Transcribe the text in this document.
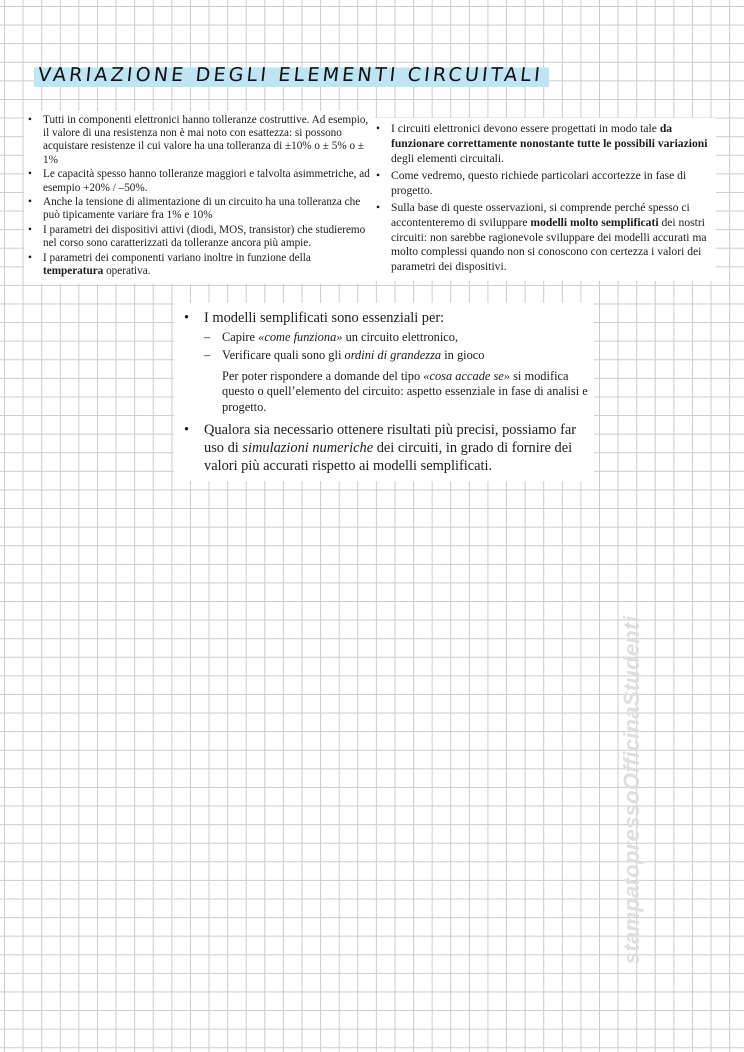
VARIAZIONE DEGLI ELEMENTI CIRCUITALI
• Tutti in componenti elettronici hanno tolleranze costruttive. Ad esempio, il valore di una resistenza non è mai noto con esattezza: si possono acquistare resistenze il cui valore ha una tolleranza di ±10% o ± 5% o ± 1%
• Le capacità spesso hanno tolleranze maggiori e talvolta asimmetriche, ad esempio +20% / –50%.
• Anche la tensione di alimentazione di un circuito ha una tolleranza che può tipicamente variare fra 1% e 10%
• I parametri dei dispositivi attivi (diodi, MOS, transistor) che studieremo nel corso sono caratterizzati da tolleranze ancora più ampie.
• I parametri dei componenti variano inoltre in funzione della temperatura operativa.
• I circuiti elettronici devono essere progettati in modo tale da funzionare correttamente nonostante tutte le possibili variazioni degli elementi circuitali.
• Come vedremo, questo richiede particolari accortezze in fase di progetto.
• Sulla base di queste osservazioni, si comprende perché spesso ci accontenteremo di sviluppare modelli molto semplificati dei nostri circuiti: non sarebbe ragionevole sviluppare dei modelli accurati ma molto complessi quando non si conoscono con certezza i valori dei parametri dei dispositivi.
• I modelli semplificati sono essenziali per:
– Capire «come funziona» un circuito elettronico,
– Verificare quali sono gli ordini di grandezza in gioco
Per poter rispondere a domande del tipo «cosa accade se» si modifica questo o quell’elemento del circuito: aspetto essenziale in fase di analisi e progetto.
• Qualora sia necessario ottenere risultati più precisi, possiamo far uso di simulazioni numeriche dei circuiti, in grado di fornire dei valori più accurati rispetto ai modelli semplificati.
stampatopressoOfficinaStudenti
